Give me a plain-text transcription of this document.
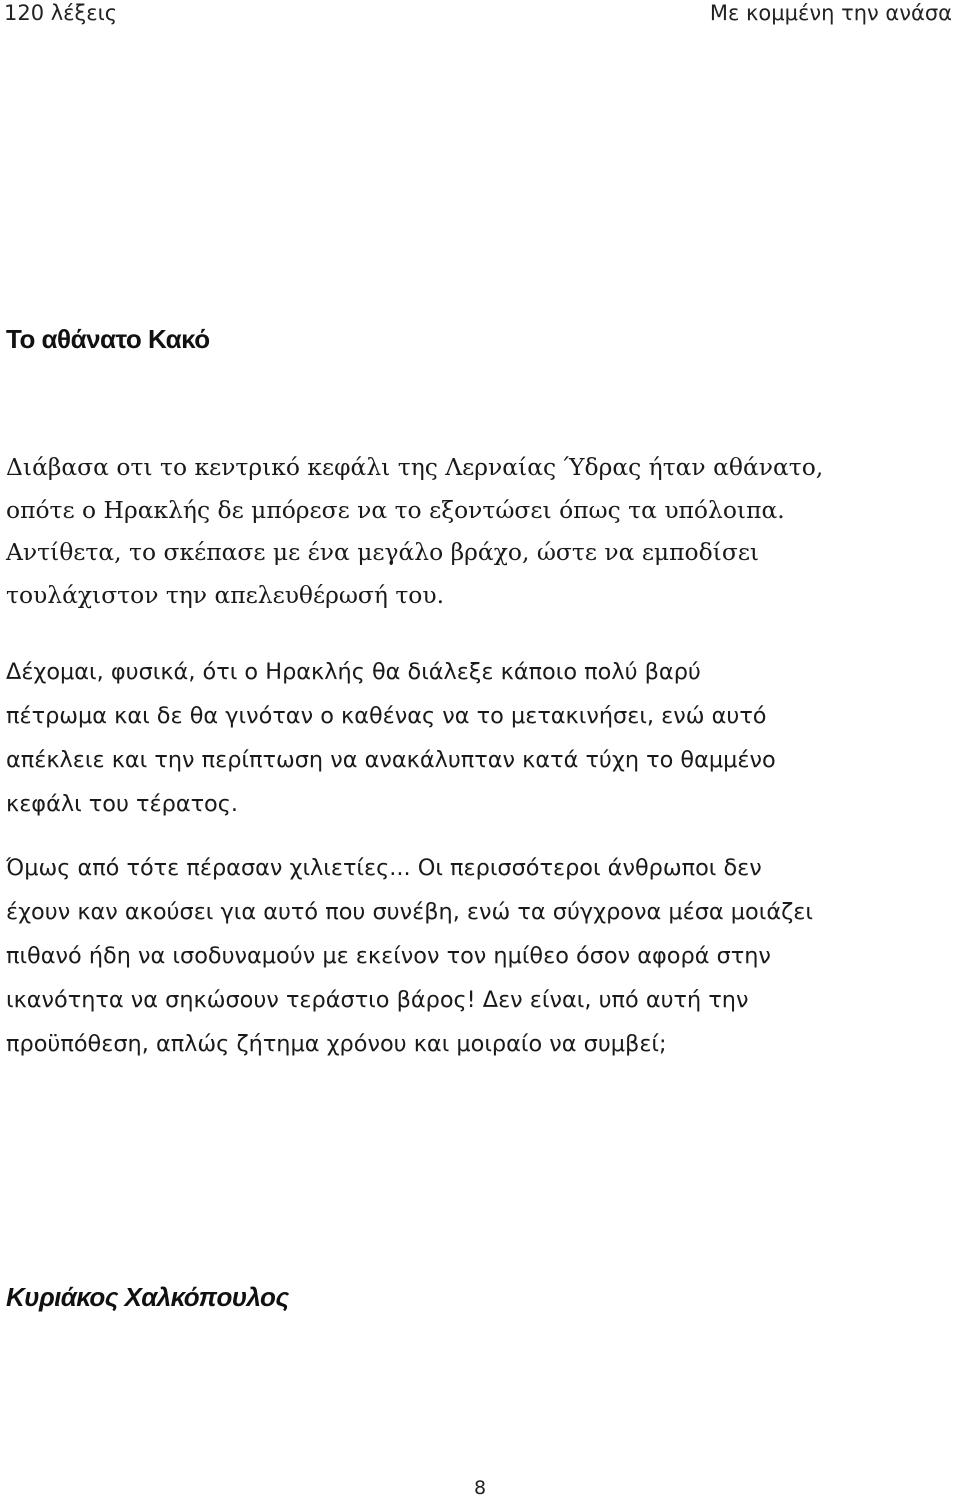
120 λέξεις	Με κομμένη την ανάσα
Το αθάνατο Κακό

Διάβασα οτι το κεντρικό κεφάλι της Λερναίας Ύδρας ήταν αθάνατο,
οπότε ο Ηρακλής δε μπόρεσε να το εξοντώσει όπως τα υπόλοιπα.
Αντίθετα, το σκέπασε με ένα μεγάλο βράχο, ώστε να εμποδίσει
τουλάχιστον την απελευθέρωσή του.

Δέχομαι, φυσικά, ότι ο Ηρακλής θα διάλεξε κάποιο πολύ βαρύ
πέτρωμα και δε θα γινόταν ο καθένας να το μετακινήσει, ενώ αυτό
απέκλειε και την περίπτωση να ανακάλυπταν κατά τύχη το θαμμένο
κεφάλι του τέρατος.

Όμως από τότε πέρασαν χιλιετίες... Οι περισσότεροι άνθρωποι δεν
έχουν καν ακούσει για αυτό που συνέβη, ενώ τα σύγχρονα μέσα μοιάζει
πιθανό ήδη να ισοδυναμούν με εκείνον τον ημίθεο όσον αφορά στην
ικανότητα να σηκώσουν τεράστιο βάρος! Δεν είναι, υπό αυτή την
προϋπόθεση, απλώς ζήτημα χρόνου και μοιραίο να συμβεί;

Κυριάκος Χαλκόπουλος
8
